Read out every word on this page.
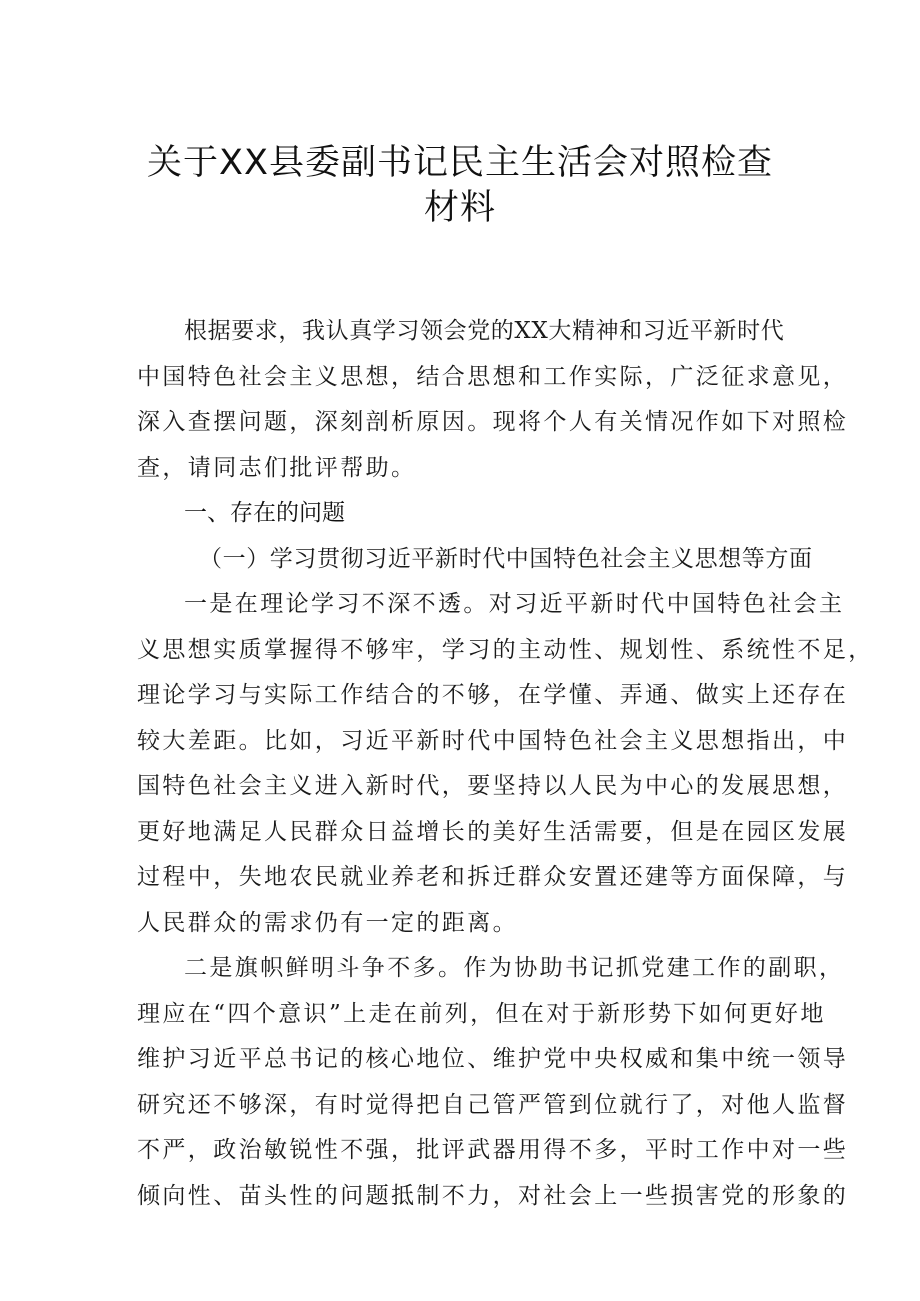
关于XX县委副书记民主生活会对照检查
材料
根据要求，我认真学习领会党的XX大精神和习近平新时代
中国特色社会主义思想，结合思想和工作实际，广泛征求意见，
深入查摆问题，深刻剖析原因。现将个人有关情况作如下对照检
查，请同志们批评帮助。
一、存在的问题
（一）学习贯彻习近平新时代中国特色社会主义思想等方面
一是在理论学习不深不透。对习近平新时代中国特色社会主
义思想实质掌握得不够牢，学习的主动性、规划性、系统性不足，
理论学习与实际工作结合的不够，在学懂、弄通、做实上还存在
较大差距。比如，习近平新时代中国特色社会主义思想指出，中
国特色社会主义进入新时代，要坚持以人民为中心的发展思想，
更好地满足人民群众日益增长的美好生活需要，但是在园区发展
过程中，失地农民就业养老和拆迁群众安置还建等方面保障，与
人民群众的需求仍有一定的距离。
二是旗帜鲜明斗争不多。作为协助书记抓党建工作的副职，
理应在“四个意识”上走在前列，但在对于新形势下如何更好地
维护习近平总书记的核心地位、维护党中央权威和集中统一领导
研究还不够深，有时觉得把自己管严管到位就行了，对他人监督
不严，政治敏锐性不强，批评武器用得不多，平时工作中对一些
倾向性、苗头性的问题抵制不力，对社会上一些损害党的形象的
